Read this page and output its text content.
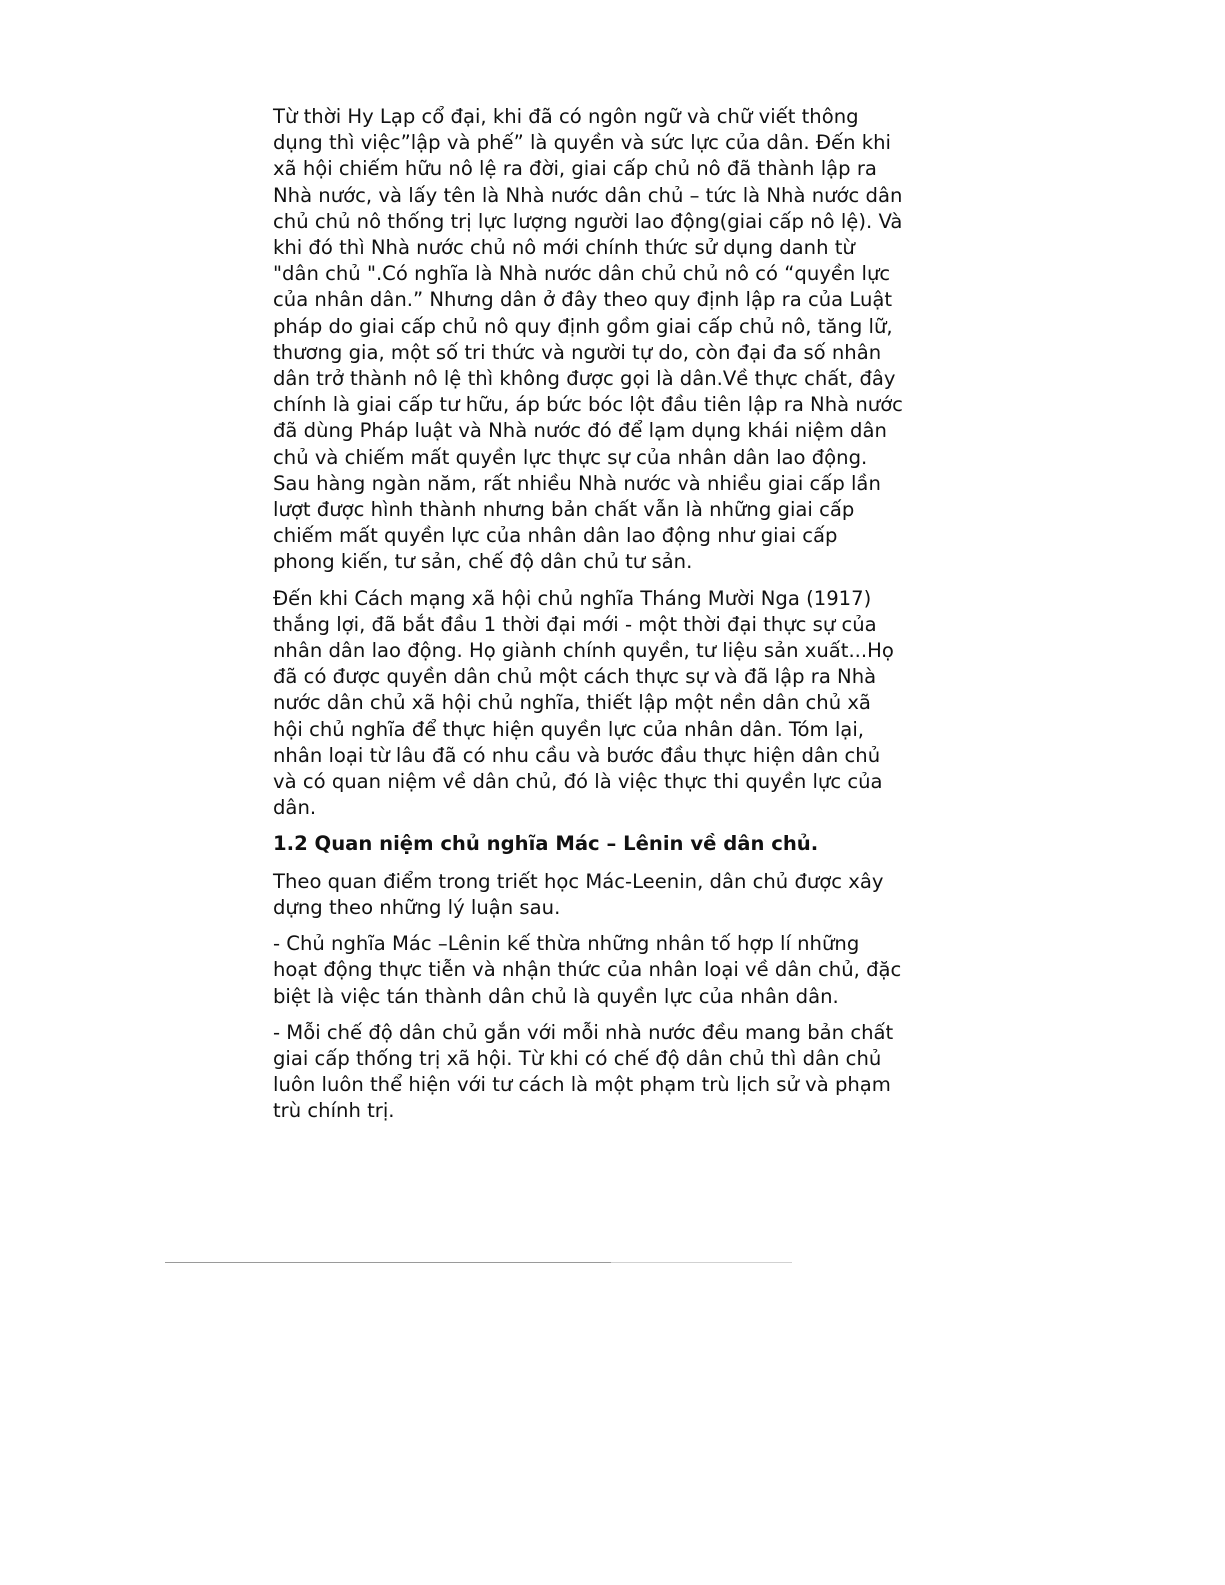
Từ thời Hy Lạp cổ đại, khi đã có ngôn ngữ và chữ viết thông
dụng thì việc”lập và phế” là quyền và sức lực của dân. Đến khi
xã hội chiếm hữu nô lệ ra đời, giai cấp chủ nô đã thành lập ra
Nhà nước, và lấy tên là Nhà nước dân chủ – tức là Nhà nước dân
chủ chủ nô thống trị lực lượng người lao động(giai cấp nô lệ). Và
khi đó thì Nhà nước chủ nô mới chính thức sử dụng danh từ
"dân chủ ".Có nghĩa là Nhà nước dân chủ chủ nô có “quyền lực
của nhân dân.” Nhưng dân ở đây theo quy định lập ra của Luật
pháp do giai cấp chủ nô quy định gồm giai cấp chủ nô, tăng lữ,
thương gia, một số tri thức và người tự do, còn đại đa số nhân
dân trở thành nô lệ thì không được gọi là dân.Về thực chất, đây
chính là giai cấp tư hữu, áp bức bóc lột đầu tiên lập ra Nhà nước
đã dùng Pháp luật và Nhà nước đó để lạm dụng khái niệm dân
chủ và chiếm mất quyền lực thực sự của nhân dân lao động.
Sau hàng ngàn năm, rất nhiều Nhà nước và nhiều giai cấp lần
lượt được hình thành nhưng bản chất vẫn là những giai cấp
chiếm mất quyền lực của nhân dân lao động như giai cấp
phong kiến, tư sản, chế độ dân chủ tư sản.

Đến khi Cách mạng xã hội chủ nghĩa Tháng Mười Nga (1917)
thắng lợi, đã bắt đầu 1 thời đại mới - một thời đại thực sự của
nhân dân lao động. Họ giành chính quyền, tư liệu sản xuất...Họ
đã có được quyền dân chủ một cách thực sự và đã lập ra Nhà
nước dân chủ xã hội chủ nghĩa, thiết lập một nền dân chủ xã
hội chủ nghĩa để thực hiện quyền lực của nhân dân. Tóm lại,
nhân loại từ lâu đã có nhu cầu và bước đầu thực hiện dân chủ
và có quan niệm về dân chủ, đó là việc thực thi quyền lực của
dân.

1.2 Quan niệm chủ nghĩa Mác – Lênin về dân chủ.

Theo quan điểm trong triết học Mác-Leenin, dân chủ được xây
dựng theo những lý luận sau.

- Chủ nghĩa Mác –Lênin kế thừa những nhân tố hợp lí những
hoạt động thực tiễn và nhận thức của nhân loại về dân chủ, đặc
biệt là việc tán thành dân chủ là quyền lực của nhân dân.

- Mỗi chế độ dân chủ gắn với mỗi nhà nước đều mang bản chất
giai cấp thống trị xã hội. Từ khi có chế độ dân chủ thì dân chủ
luôn luôn thể hiện với tư cách là một phạm trù lịch sử và phạm
trù chính trị.
